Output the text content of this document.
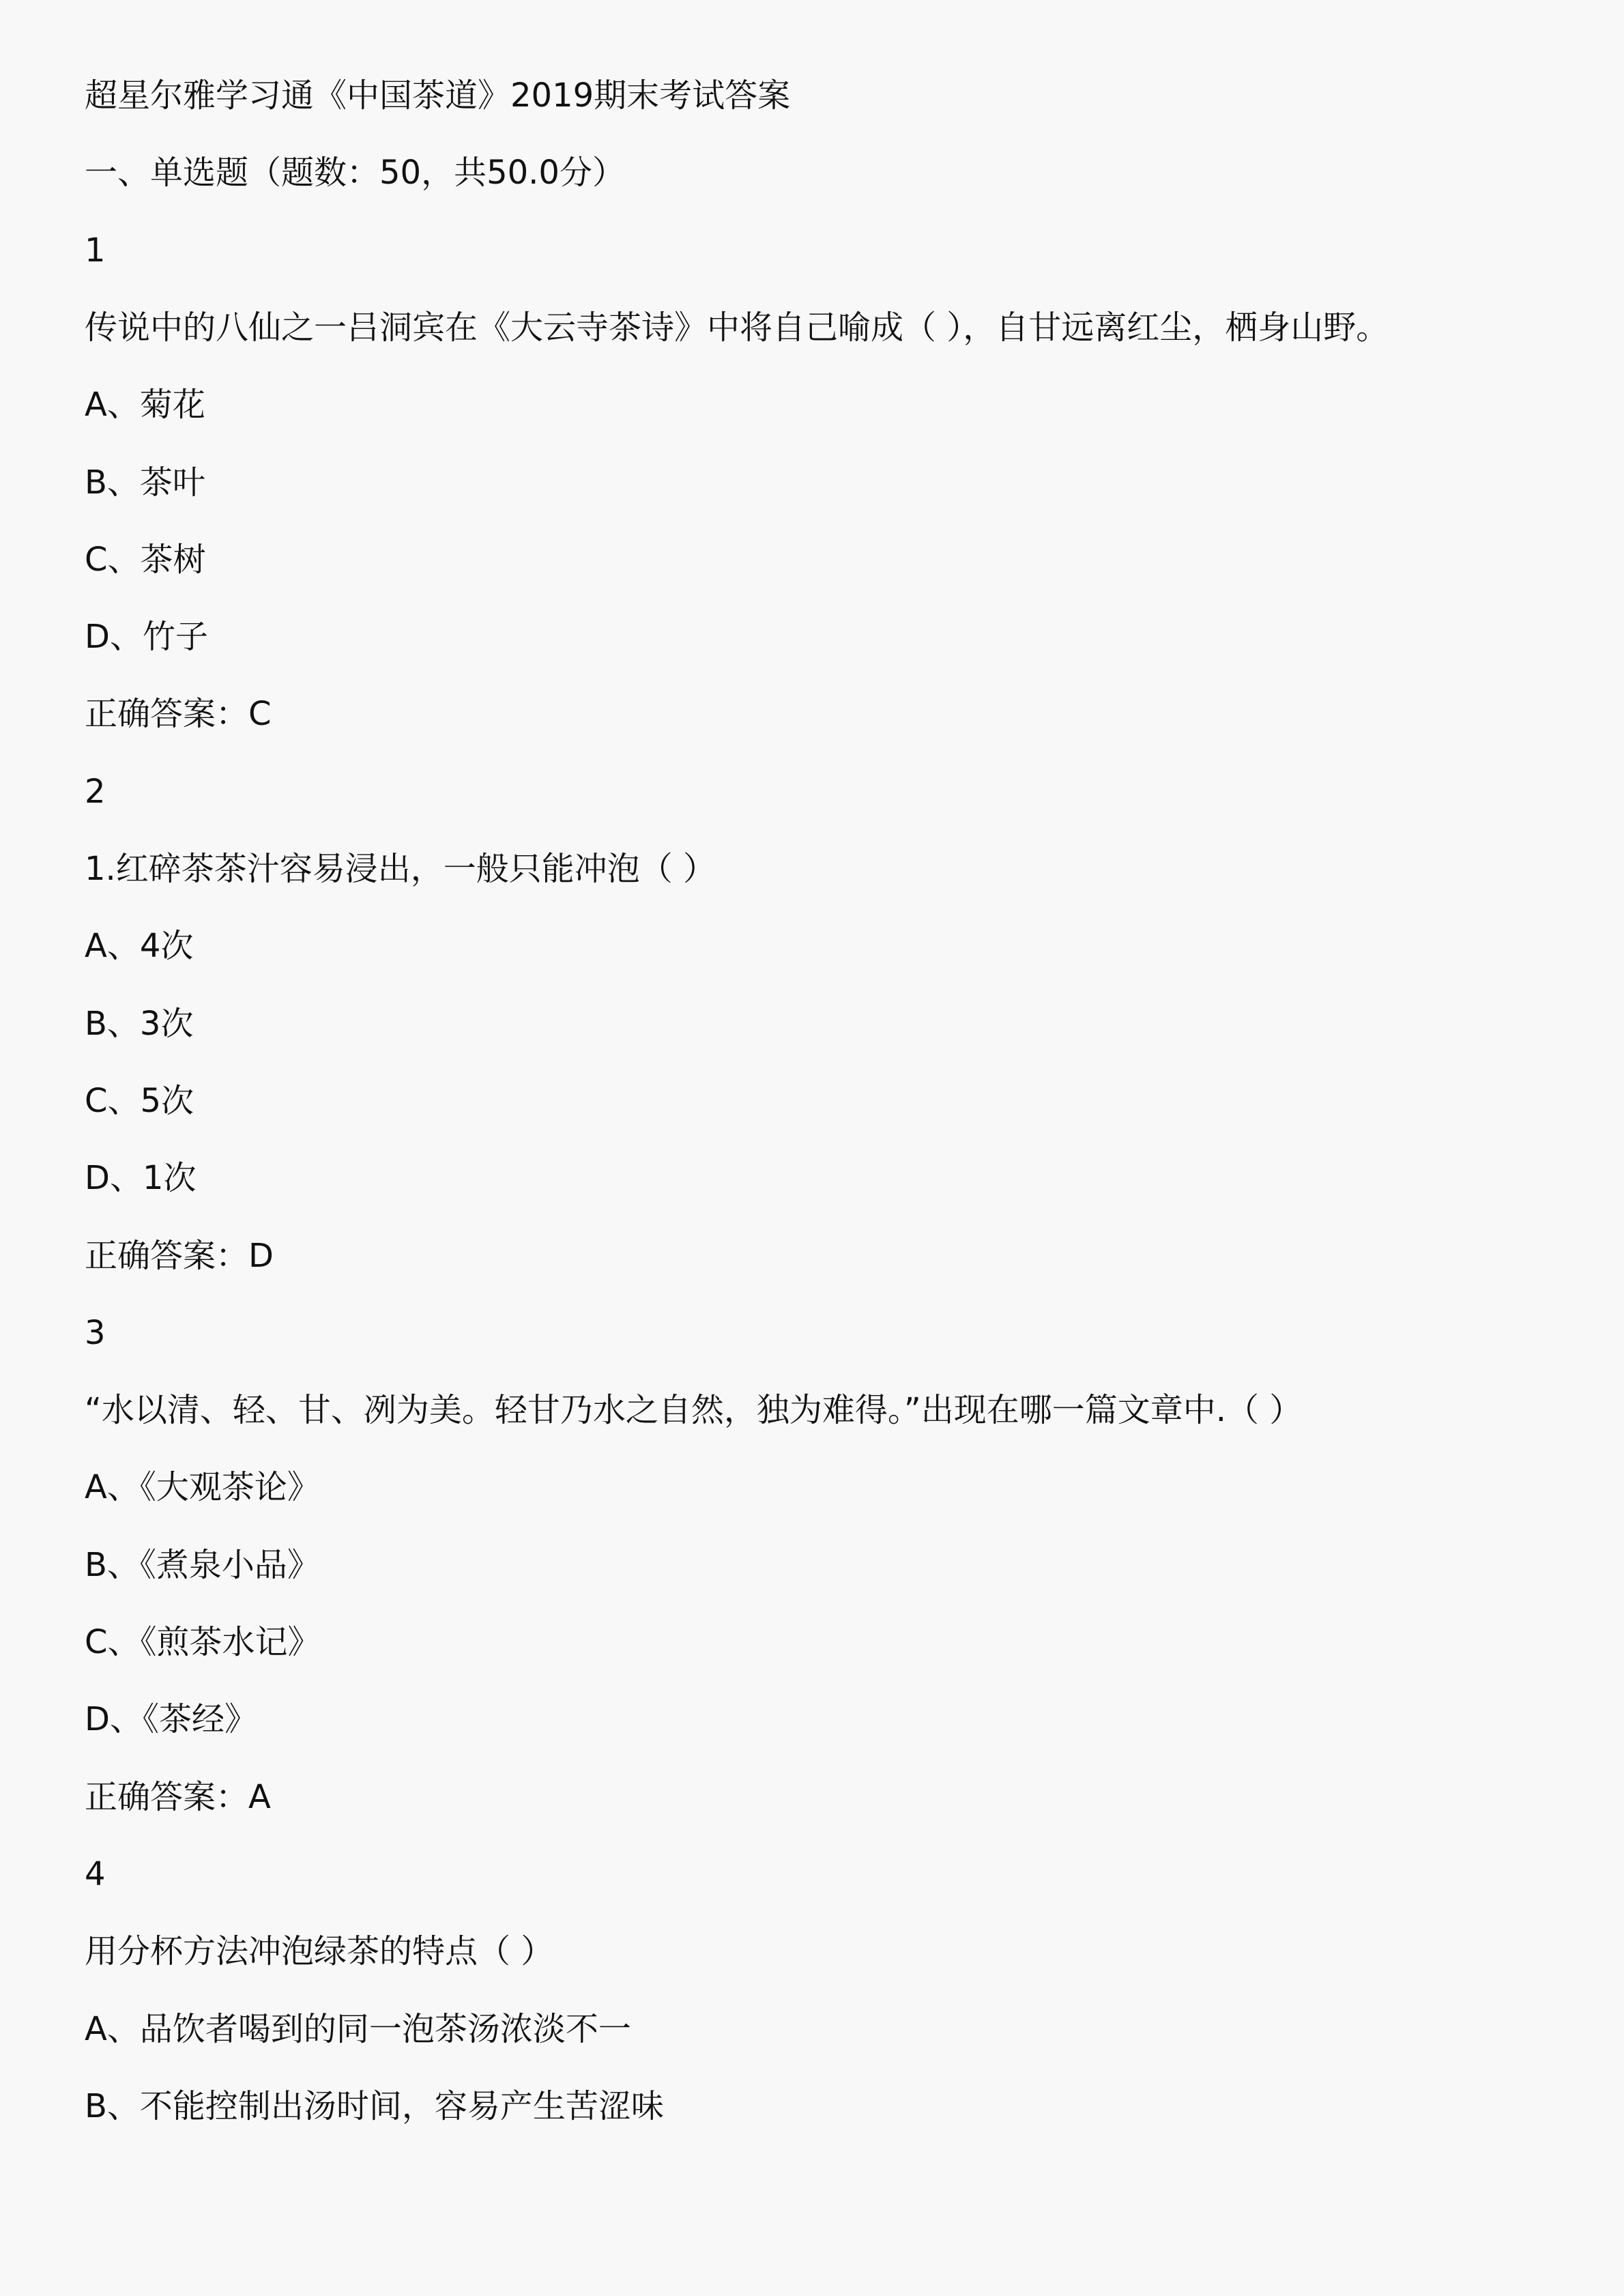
超星尔雅学习通《中国茶道》2019期末考试答案
一、单选题（题数：50，共50.0分）
1
传说中的八仙之一吕洞宾在《大云寺茶诗》中将自己喻成（ ），自甘远离红尘，栖身山野。
A、菊花
B、茶叶
C、茶树
D、竹子
正确答案：C
2
1.红碎茶茶汁容易浸出，一般只能冲泡（ ）
A、4次
B、3次
C、5次
D、1次
正确答案：D
3
“水以清、轻、甘、冽为美。轻甘乃水之自然，独为难得。”出现在哪一篇文章中.（ ）
A、《大观茶论》
B、《煮泉小品》
C、《煎茶水记》
D、《茶经》
正确答案：A
4
用分杯方法冲泡绿茶的特点（ ）
A、品饮者喝到的同一泡茶汤浓淡不一
B、不能控制出汤时间，容易产生苦涩味
